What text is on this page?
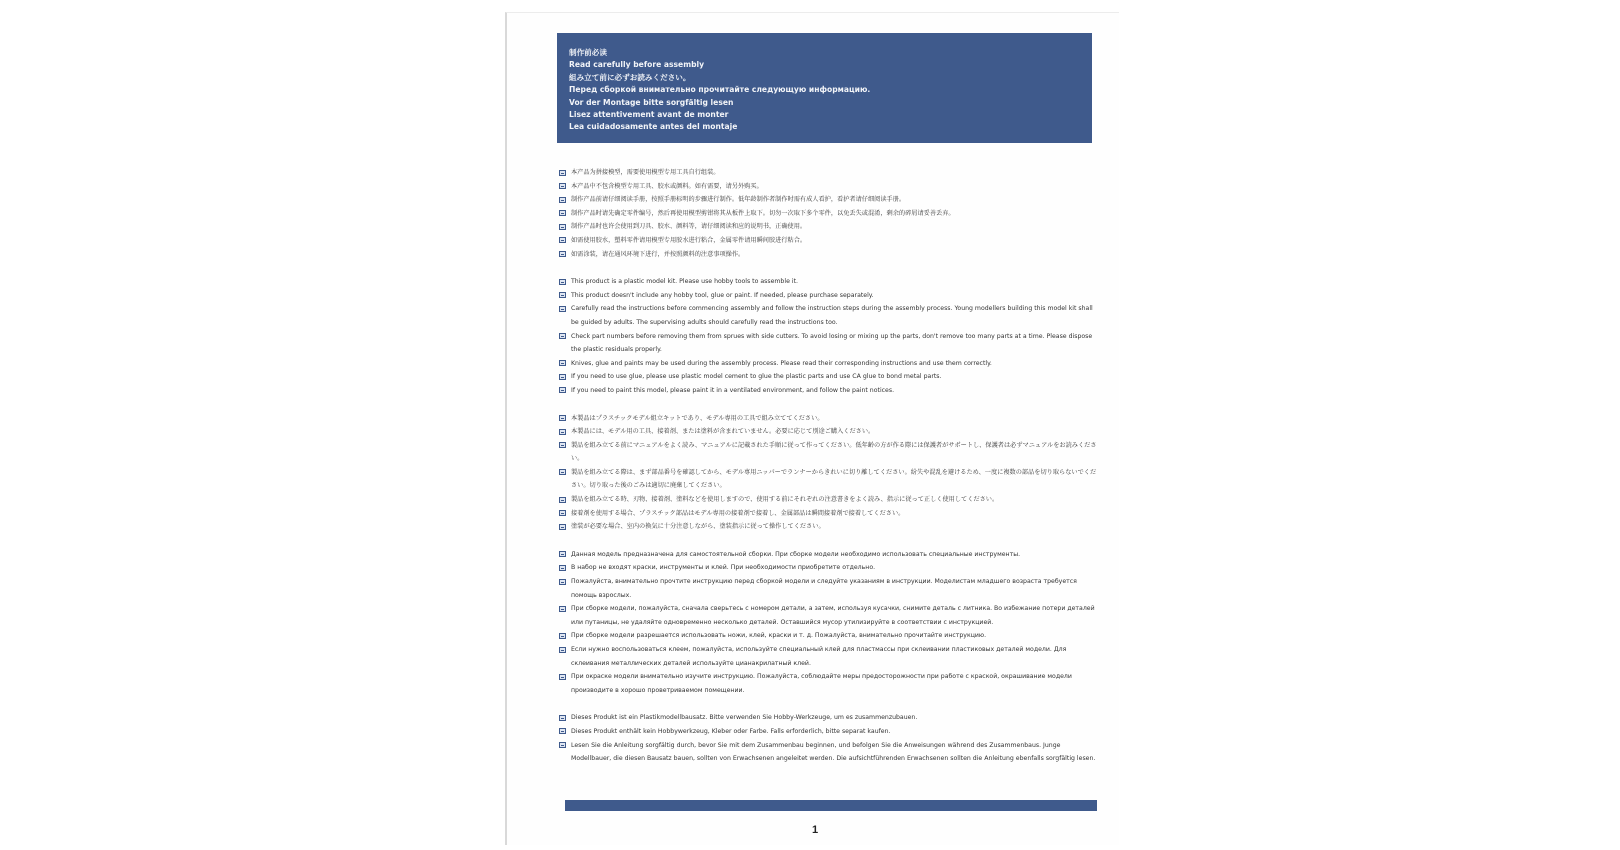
制作前必读
Read carefully before assembly
組み立て前に必ずお読みください。
Перед сборкой внимательно прочитайте следующую информацию.
Vor der Montage bitte sorgfältig lesen
Lisez attentivement avant de monter
Lea cuidadosamente antes del montaje
本产品为拼接模型，需要使用模型专用工具自行组装。
本产品中不包含模型专用工具、胶水或颜料。如有需要，请另外购买。
制作产品前请仔细阅读手册，按照手册标明的步骤进行制作。低年龄制作者制作时需有成人看护，看护者请仔细阅读手册。
制作产品时请先确定零件编号，然后再使用模型剪钳将其从板件上取下。切勿一次取下多个零件，以免丢失或混淆，剩余的碎屑请妥善丢弃。
制作产品时也许会使用到刀具、胶水、颜料等，请仔细阅读和应的说明书，正确使用。
如需使用胶水，塑料零件请用模型专用胶水进行粘合，金属零件请用瞬间胶进行粘合。
如需涂装，请在通风环境下进行，并按照颜料的注意事项操作。
This product is a plastic model kit. Please use hobby tools to assemble it.
This product doesn't include any hobby tool, glue or paint. If needed, please purchase separately.
Carefully read the instructions before commencing assembly and follow the instruction steps during the assembly process. Young modellers building this model kit shall be guided by adults. The supervising adults should carefully read the instructions too.
Check part numbers before removing them from sprues with side cutters. To avoid losing or mixing up the parts, don't remove too many parts at a time. Please dispose the plastic residuals properly.
Knives, glue and paints may be used during the assembly process. Please read their corresponding instructions and use them correctly.
If you need to use glue, please use plastic model cement to glue the plastic parts and use CA glue to bond metal parts.
If you need to paint this model, please paint it in a ventilated environment, and follow the paint notices.
本製品はプラスチックモデル組立キットであり、モデル専用の工具で組み立ててください。
本製品には、モデル用の工具、接着剤、または塗料が含まれていません。必要に応じて別途ご購入ください。
製品を組み立てる前にマニュアルをよく読み、マニュアルに記載された手順に従って作ってください。低年齢の方が作る際には保護者がサポートし、保護者は必ずマニュアルをお読みください。
製品を組み立てる際は、まず部品番号を確認してから、モデル専用ニッパーでランナーからきれいに切り離してください。紛失や混乱を避けるため、一度に複数の部品を切り取らないでください。切り取った後のごみは適切に廃棄してください。
製品を組み立てる時、刃物、接着剤、塗料などを使用しますので、使用する前にそれぞれの注意書きをよく読み、指示に従って正しく使用してください。
接着剤を使用する場合、プラスチック部品はモデル専用の接着剤で接着し、金属部品は瞬間接着剤で接着してください。
塗装が必要な場合、室内の換気に十分注意しながら、塗装指示に従って操作してください。
Данная модель предназначена для самостоятельной сборки. При сборке модели необходимо использовать специальные инструменты.
В набор не входят краски, инструменты и клей. При необходимости приобретите отдельно.
Пожалуйста, внимательно прочтите инструкцию перед сборкой модели и следуйте указаниям в инструкции. Моделистам младшего возраста требуется помощь взрослых.
При сборке модели, пожалуйста, сначала сверьтесь с номером детали, а затем, используя кусачки, снимите деталь с литника. Во избежание потери деталей или путаницы, не удаляйте одновременно несколько деталей. Оставшийся мусор утилизируйте в соответствии с инструкцией.
При сборке модели разрешается использовать ножи, клей, краски и т. д. Пожалуйста, внимательно прочитайте инструкцию.
Если нужно воспользоваться клеем, пожалуйста, используйте специальный клей для пластмассы при склеивании пластиковых деталей модели. Для склеивания металлических деталей используйте цианакрилатный клей.
При окраске модели внимательно изучите инструкцию. Пожалуйста, соблюдайте меры предосторожности при работе с краской, окрашивание модели производите в хорошо проветриваемом помещении.
Dieses Produkt ist ein Plastikmodellbausatz. Bitte verwenden Sie Hobby-Werkzeuge, um es zusammenzubauen.
Dieses Produkt enthält kein Hobbywerkzeug, Kleber oder Farbe. Falls erforderlich, bitte separat kaufen.
Lesen Sie die Anleitung sorgfältig durch, bevor Sie mit dem Zusammenbau beginnen, und befolgen Sie die Anweisungen während des Zusammenbaus. Junge Modellbauer, die diesen Bausatz bauen, sollten von Erwachsenen angeleitet werden. Die aufsichtführenden Erwachsenen sollten die Anleitung ebenfalls sorgfältig lesen.
1
